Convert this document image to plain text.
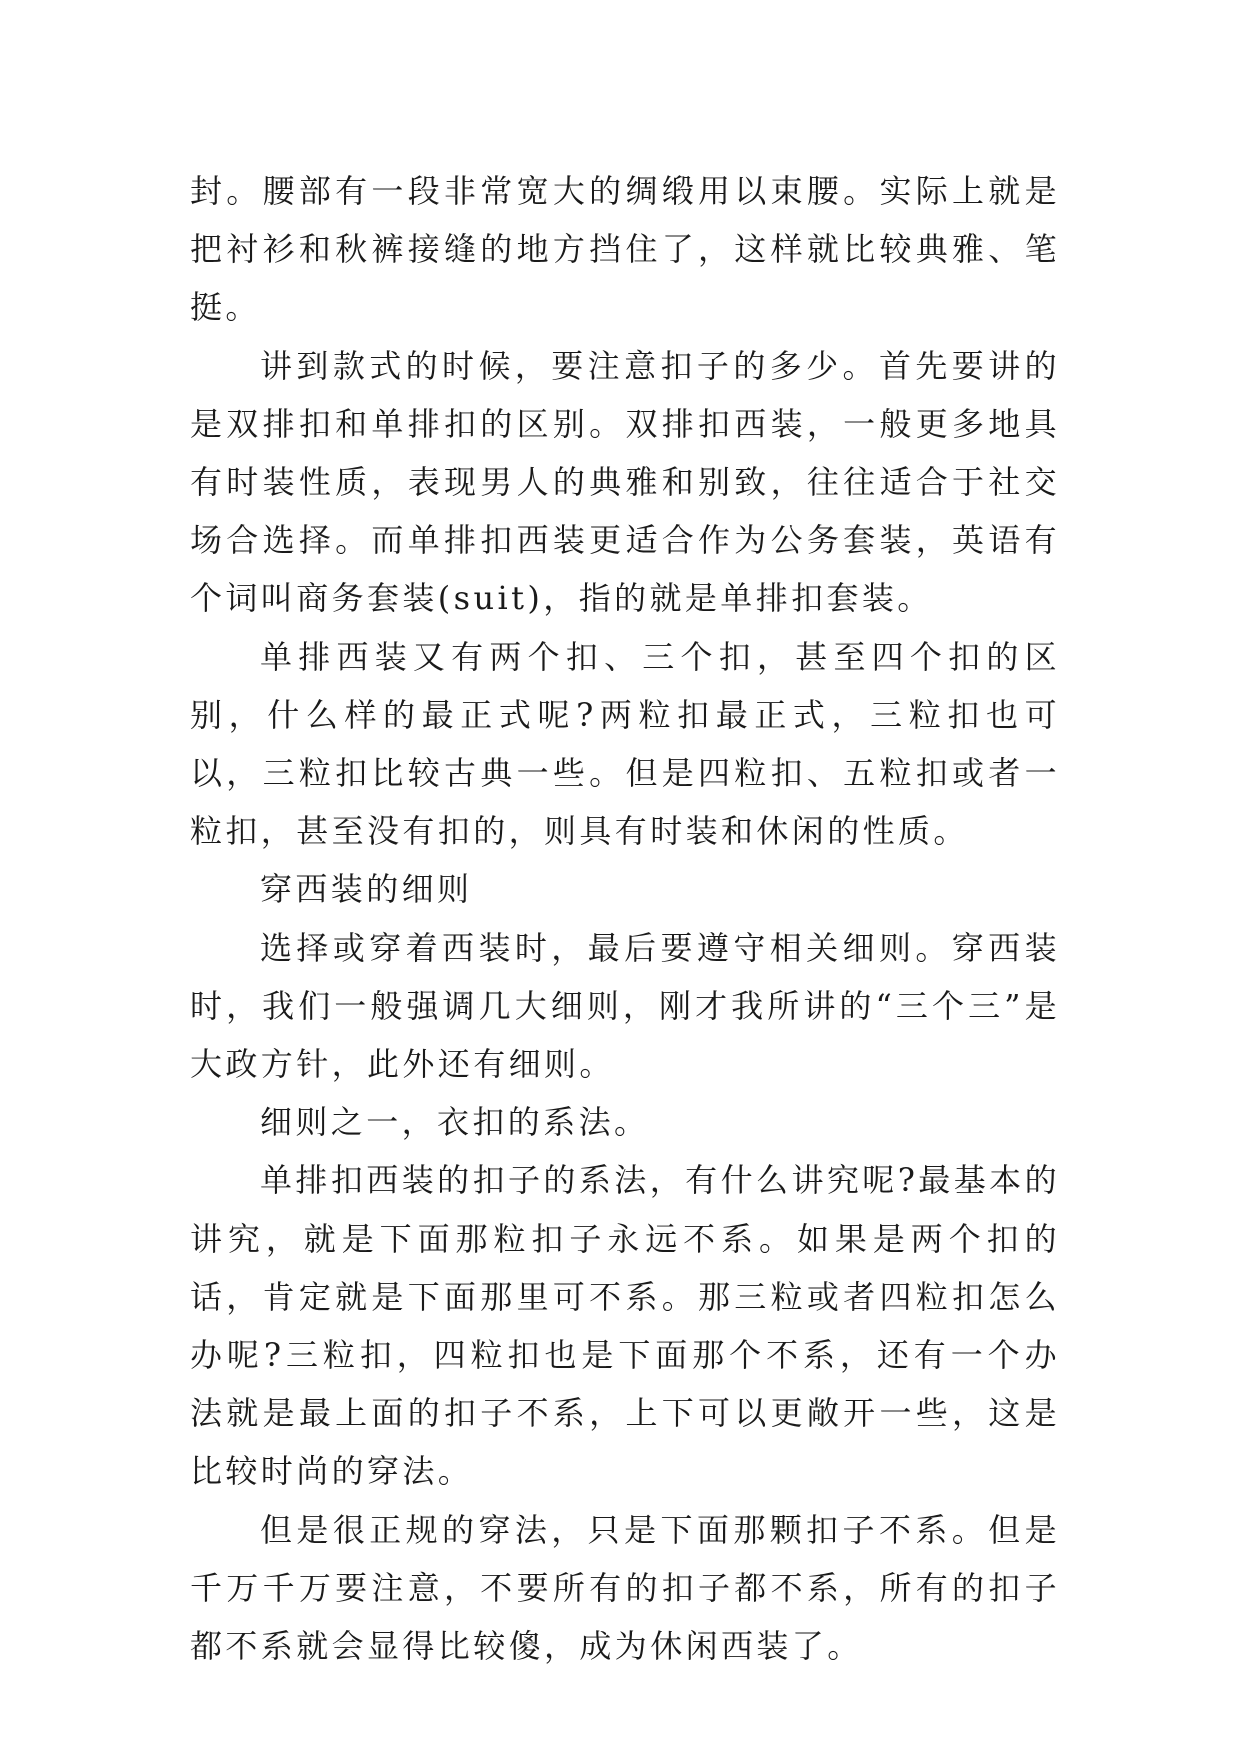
封。腰部有一段非常宽大的绸缎用以束腰。实际上就是把衬衫和秋裤接缝的地方挡住了，这样就比较典雅、笔挺。

讲到款式的时候，要注意扣子的多少。首先要讲的是双排扣和单排扣的区别。双排扣西装，一般更多地具有时装性质，表现男人的典雅和别致，往往适合于社交场合选择。而单排扣西装更适合作为公务套装，英语有个词叫商务套装(suit)，指的就是单排扣套装。

单排西装又有两个扣、三个扣，甚至四个扣的区别，什么样的最正式呢?两粒扣最正式，三粒扣也可以，三粒扣比较古典一些。但是四粒扣、五粒扣或者一粒扣，甚至没有扣的，则具有时装和休闲的性质。

穿西装的细则

选择或穿着西装时，最后要遵守相关细则。穿西装时，我们一般强调几大细则，刚才我所讲的“三个三”是大政方针，此外还有细则。

细则之一，衣扣的系法。

单排扣西装的扣子的系法，有什么讲究呢?最基本的讲究，就是下面那粒扣子永远不系。如果是两个扣的话，肯定就是下面那里可不系。那三粒或者四粒扣怎么办呢?三粒扣，四粒扣也是下面那个不系，还有一个办法就是最上面的扣子不系，上下可以更敞开一些，这是比较时尚的穿法。

但是很正规的穿法，只是下面那颗扣子不系。但是千万千万要注意，不要所有的扣子都不系，所有的扣子都不系就会显得比较傻，成为休闲西装了。
